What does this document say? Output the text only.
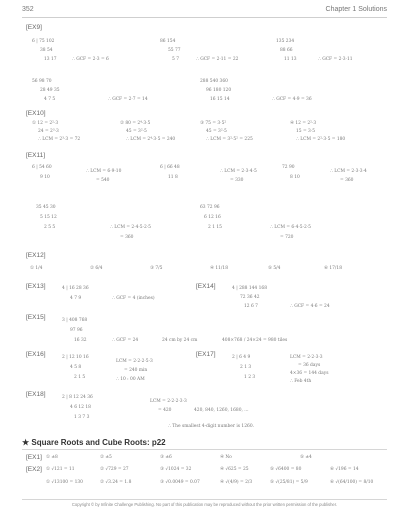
352	Chapter 1 Solutions
[EX9]
6 | 75 102
38 54
13 17	∴ GCF = 2·3 = 6
86 154
55 77
5 7	∴ GCF = 2·11 = 22
135 234
88 66
11 13	∴ GCF = 2·3·11
56 98 70
28 49 35
4 7 5	∴ GCF = 2·7 = 14
288 540 360
96 180 120
16 15 14	∴ GCF = 4·9 = 36
[EX10]
① 12 = 2²·3
24 = 2³·3
∴ LCM = 2³·3 = 72
② 80 = 2⁴·3·5
45 = 3²·5
∴ LCM = 2⁴·3·5 = 240
③ 75 = 3·5²
45 = 3²·5
∴ LCM = 3²·5² = 225
④ 12 = 2²·3
15 = 3·5
∴ LCM = 2²·3·5 = 180
[EX11]
6 | 54 60
9 10
∴ LCM = 6·9·10
= 540
6 | 66 48
11 8
∴ LCM = 2·3·4·5
= 330
72 90
8 10
∴ LCM = 2·3·3·4
= 360
35 45 30
5 15 12
2 5 5	∴ LCM = 2·4·5·2·5
= 360
63 72 96
6 12 16
2 1 15	∴ LCM = 6·4·5·2·5
= 720
[EX12]
① 1/4	② 6/4	③ 7/5	④ 11/18	⑤ 5/4	⑥ 17/18
[EX13]	4 | 16 28 36
4 7 9	∴ GCF = 4 (inches)
[EX14]	4 | 288 144 168
72 36 42
12 6 7	∴ GCF = 4·6 = 24
[EX15]	3 | 408 768
97 96
16 32	∴ GCF = 24	24 cm by 24 cm	408×768 / 24×24 = 980 tiles
[EX16]	2 | 12 10 16
4 5 8
2 1 5
LCM = 2·2·2·5·3
= 240 min
∴ 10 : 00 AM
[EX17]	2 | 6 4 9
2 1 3
1 2 3
LCM = 2·2·3·3
= 36 days
4×36 = 144 days
∴ Feb 4th
[EX18]	2 | 8 12 24 36
4 6 12 18
1 3 7 3
LCM = 2·2·2·3·3
= 420	420, 840, 1260, 1680, ...
∴ The smallest 4-digit number is 1260.
★ Square Roots and Cube Roots: p22
[EX1] ① ±8	② ±5	③ ±6	④ No	⑤ ±4
[EX2] ① √121 = 11	② √729 = 27	③ √1024 = 32	④ √625 = 25	⑤ √6400 = 80	⑥ √196 = 14
① √13100 = 130	② √3.24 = 1.8	③ √0.0049 = 0.07	④ √(4/9) = 2/3	⑤ √(25/81) = 5/9	⑥ √(64/100) = 8/10
Copyright © by Infinite Challenge Publishing. No part of this publication may be reproduced without the prior written permission of the publisher.
